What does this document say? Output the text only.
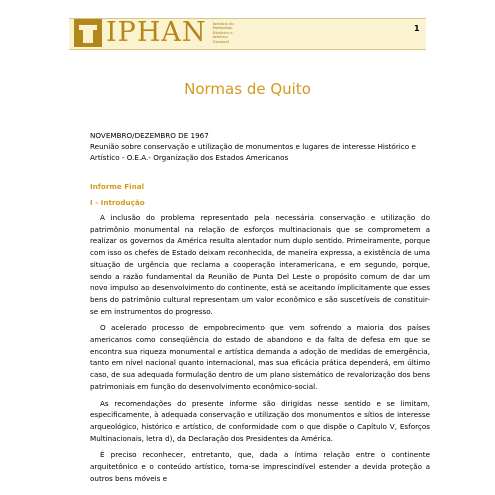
IPHAN Instituto do
Patrimônio
Histórico e
Artístico
Nacional
1
Normas de Quito

NOVEMBRO/DEZEMBRO DE 1967

Reunião sobre conservação e utilização de monumentos e lugares de interesse Histórico e Artístico - O.E.A.- Organização dos Estados Americanos

Informe Final
I - Introdução

A inclusão do problema representado pela necessária conservação e utilização do patrimônio monumental na relação de esforços multinacionais que se comprometem a realizar os governos da América resulta alentador num duplo sentido. Primeiramente, porque com isso os chefes de Estado deixam reconhecida, de maneira expressa, a existência de uma situação de urgência que reclama a cooperação interamericana, e em segundo, porque, sendo a razão fundamental da Reunião de Punta Del Leste o propósito comum de dar um novo impulso ao desenvolvimento do continente, está se aceitando implicitamente que esses bens do patrimônio cultural representam um valor econômico e são suscetíveis de constituir-se em instrumentos do progresso.

O acelerado processo de empobrecimento que vem sofrendo a maioria dos países americanos como conseqüência do estado de abandono e da falta de defesa em que se encontra sua riqueza monumental e artística demanda a adoção de medidas de emergência, tanto em nível nacional quanto internacional, mas sua eficácia prática dependerá, em último caso, de sua adequada formulação dentro de um plano sistemático de revalorização dos bens patrimoniais em função do desenvolvimento econômico-social.

As recomendações do presente informe são dirigidas nesse sentido e se limitam, especificamente, à adequada conservação e utilização dos monumentos e sítios de interesse arqueológico, histórico e artístico, de conformidade com o que dispõe o Capítulo V, Esforços Multinacionais, letra d), da Declaração dos Presidentes da América.

É preciso reconhecer, entretanto, que, dada a íntima relação entre o continente arquitetônico e o conteúdo artístico, torna-se imprescindível estender a devida proteção a outros bens móveis e
